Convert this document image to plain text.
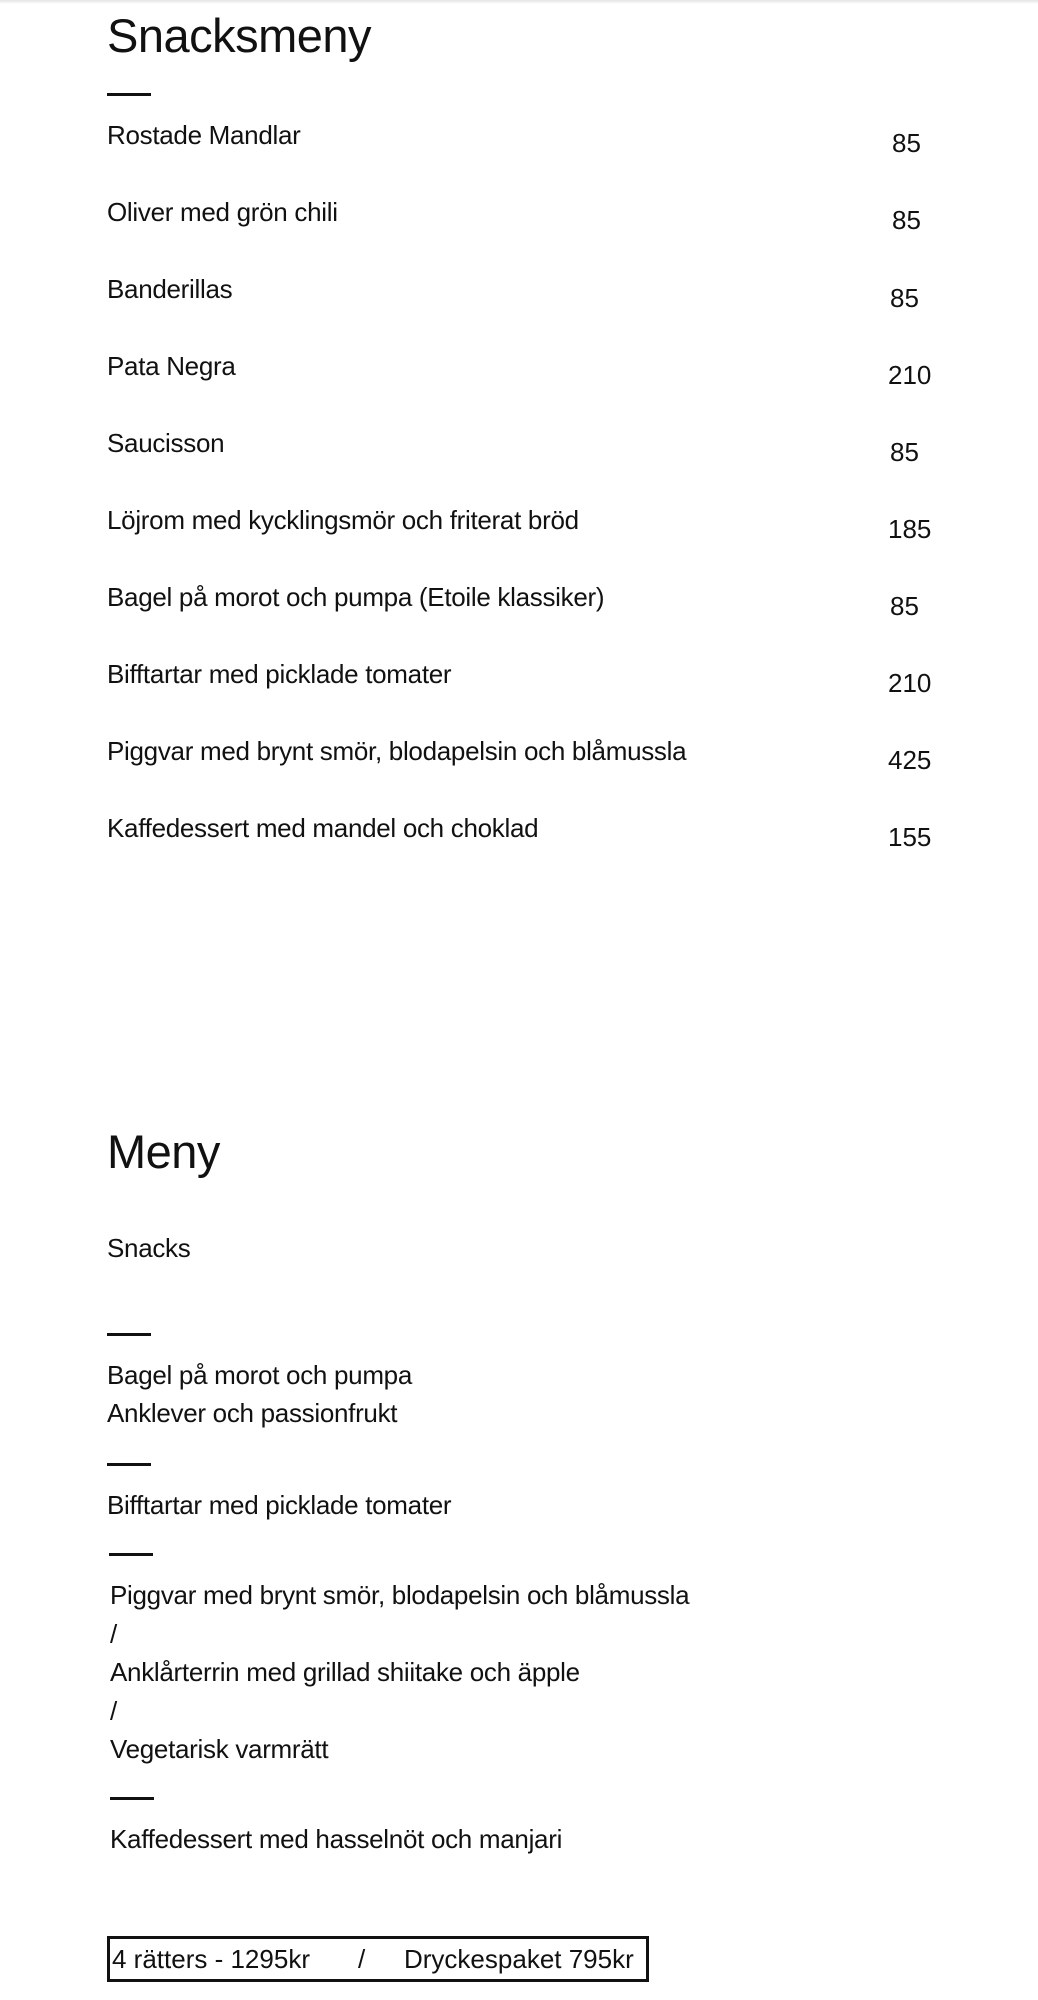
Snacksmeny
Rostade Mandlar	85
Oliver med grön chili	85
Banderillas	85
Pata Negra	210
Saucisson	85
Löjrom med kycklingsmör och friterat bröd	185
Bagel på morot och pumpa (Etoile klassiker)	85
Bifftartar med picklade tomater	210
Piggvar med brynt smör, blodapelsin och blåmussla	425
Kaffedessert med mandel och choklad	155
Meny
Snacks
Bagel på morot och pumpa
Anklever och passionfrukt
Bifftartar med picklade tomater
Piggvar med brynt smör, blodapelsin och blåmussla
/
Anklårterrin med grillad shiitake och äpple
/
Vegetarisk varmrätt
Kaffedessert med hasselnöt och manjari
4 rätters - 1295kr / Dryckespaket 795kr
